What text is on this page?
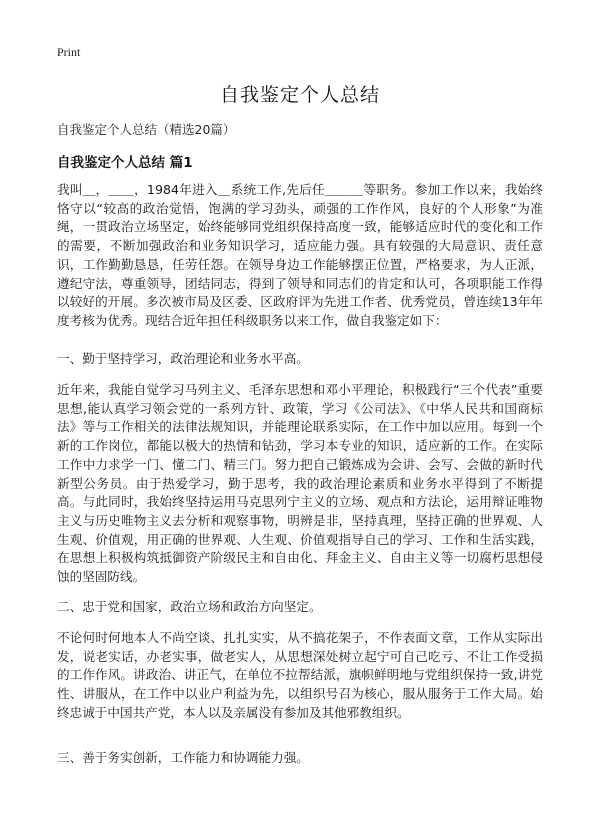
Print
自我鉴定个人总结
自我鉴定个人总结（精选20篇）
自我鉴定个人总结 篇1

我叫＿，＿＿，1984年进入＿系统工作,先后任＿＿＿等职务。参加工作以来，我始终恪守以“较高的政治觉悟，饱满的学习劲头，顽强的工作作风，良好的个人形象”为准绳，一贯政治立场坚定，始终能够同党组织保持高度一致，能够适应时代的变化和工作的需要，不断加强政治和业务知识学习，适应能力强。具有较强的大局意识、责任意识，工作勤勤恳恳，任劳任怨。在领导身边工作能够摆正位置，严格要求，为人正派，遵纪守法，尊重领导，团结同志，得到了领导和同志们的肯定和认可，各项职能工作得以较好的开展。多次被市局及区委、区政府评为先进工作者、优秀党员，曾连续13年年度考核为优秀。现结合近年担任科级职务以来工作，做自我鉴定如下：

一、勤于坚持学习，政治理论和业务水平高。

近年来，我能自觉学习马列主义、毛泽东思想和邓小平理论，积极践行“三个代表”重要思想,能认真学习领会党的一系列方针、政策，学习《公司法》、《中华人民共和国商标法》等与工作相关的法律法规知识，并能理论联系实际，在工作中加以应用。每到一个新的工作岗位，都能以极大的热情和钻劲，学习本专业的知识，适应新的工作。在实际工作中力求学一门、懂二门、精三门。努力把自己锻炼成为会讲、会写、会做的新时代新型公务员。由于热爱学习，勤于思考，我的政治理论素质和业务水平得到了不断提高。与此同时，我始终坚持运用马克思列宁主义的立场、观点和方法论，运用辩证唯物主义与历史唯物主义去分析和观察事物，明辨是非，坚持真理，坚持正确的世界观、人生观、价值观，用正确的世界观、人生观、价值观指导自己的学习、工作和生活实践，在思想上积极构筑抵御资产阶级民主和自由化、拜金主义、自由主义等一切腐朽思想侵蚀的坚固防线。

二、忠于党和国家，政治立场和政治方向坚定。

不论何时何地本人不尚空谈、扎扎实实，从不搞花架子，不作表面文章，工作从实际出发，说老实话，办老实事，做老实人，从思想深处树立起宁可自己吃亏、不让工作受损的工作作风。讲政治、讲正气，在单位不拉帮结派，旗帜鲜明地与党组织保持一致,讲党性、讲服从，在工作中以业户利益为先，以组织号召为核心，服从服务于工作大局。始终忠诚于中国共产党，本人以及亲属没有参加及其他邪教组织。

三、善于务实创新，工作能力和协调能力强。
